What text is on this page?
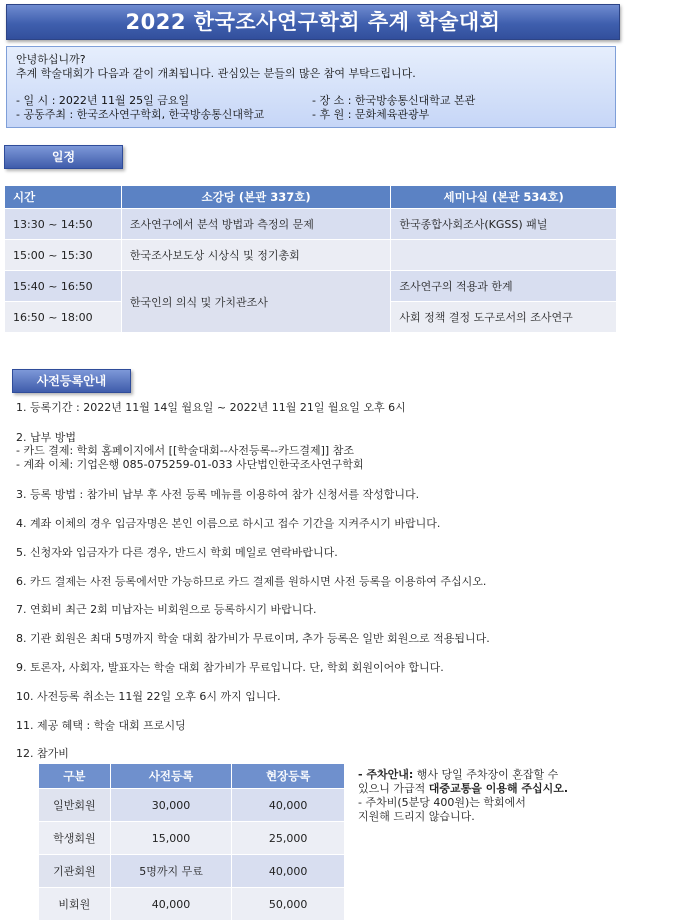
2022 한국조사연구학회 추계 학술대회
안녕하십니까?
추계 학술대회가 다음과 같이 개최됩니다. 관심있는 분들의 많은 참여 부탁드립니다.
- 일 시 : 2022년 11월 25일 금요일	- 장 소 : 한국방송통신대학교 본관
- 공동주최 : 한국조사연구학회, 한국방송통신대학교	- 후 원 : 문화체육관광부
일정
시간	소강당 (본관 337호)	세미나실 (본관 534호)
13:30 ~ 14:50	조사연구에서 분석 방법과 측정의 문제	한국종합사회조사(KGSS) 패널
15:00 ~ 15:30	한국조사보도상 시상식 및 정기총회	
15:40 ~ 16:50	한국인의 의식 및 가치관조사	조사연구의 적용과 한계
16:50 ~ 18:00		사회 정책 결정 도구로서의 조사연구
사전등록안내
1. 등록기간 : 2022년 11월 14일 월요일 ~ 2022년 11월 21일 월요일 오후 6시
2. 납부 방법
- 카드 결제: 학회 홈페이지에서 [[학술대회--사전등록--카드결제]] 참조
- 계좌 이체: 기업은행 085-075259-01-033 사단법인한국조사연구학회
3. 등록 방법 : 참가비 납부 후 사전 등록 메뉴를 이용하여 참가 신청서를 작성합니다.
4. 계좌 이체의 경우 입금자명은 본인 이름으로 하시고 접수 기간을 지켜주시기 바랍니다.
5. 신청자와 입금자가 다른 경우, 반드시 학회 메일로 연락바랍니다.
6. 카드 결제는 사전 등록에서만 가능하므로 카드 결제를 원하시면 사전 등록을 이용하여 주십시오.
7. 연회비 최근 2회 미납자는 비회원으로 등록하시기 바랍니다.
8. 기관 회원은 최대 5명까지 학술 대회 참가비가 무료이며, 추가 등록은 일반 회원으로 적용됩니다.
9. 토론자, 사회자, 발표자는 학술 대회 참가비가 무료입니다. 단, 학회 회원이어야 합니다.
10. 사전등록 취소는 11월 22일 오후 6시 까지 입니다.
11. 제공 혜택 : 학술 대회 프로시딩
12. 참가비
구분	사전등록	현장등록
일반회원	30,000	40,000
학생회원	15,000	25,000
기관회원	5명까지 무료	40,000
비회원	40,000	50,000
- 주차안내: 행사 당일 주차장이 혼잡할 수
있으니 가급적 대중교통을 이용해 주십시오.
- 주차비(5분당 400원)는 학회에서
지원해 드리지 않습니다.
